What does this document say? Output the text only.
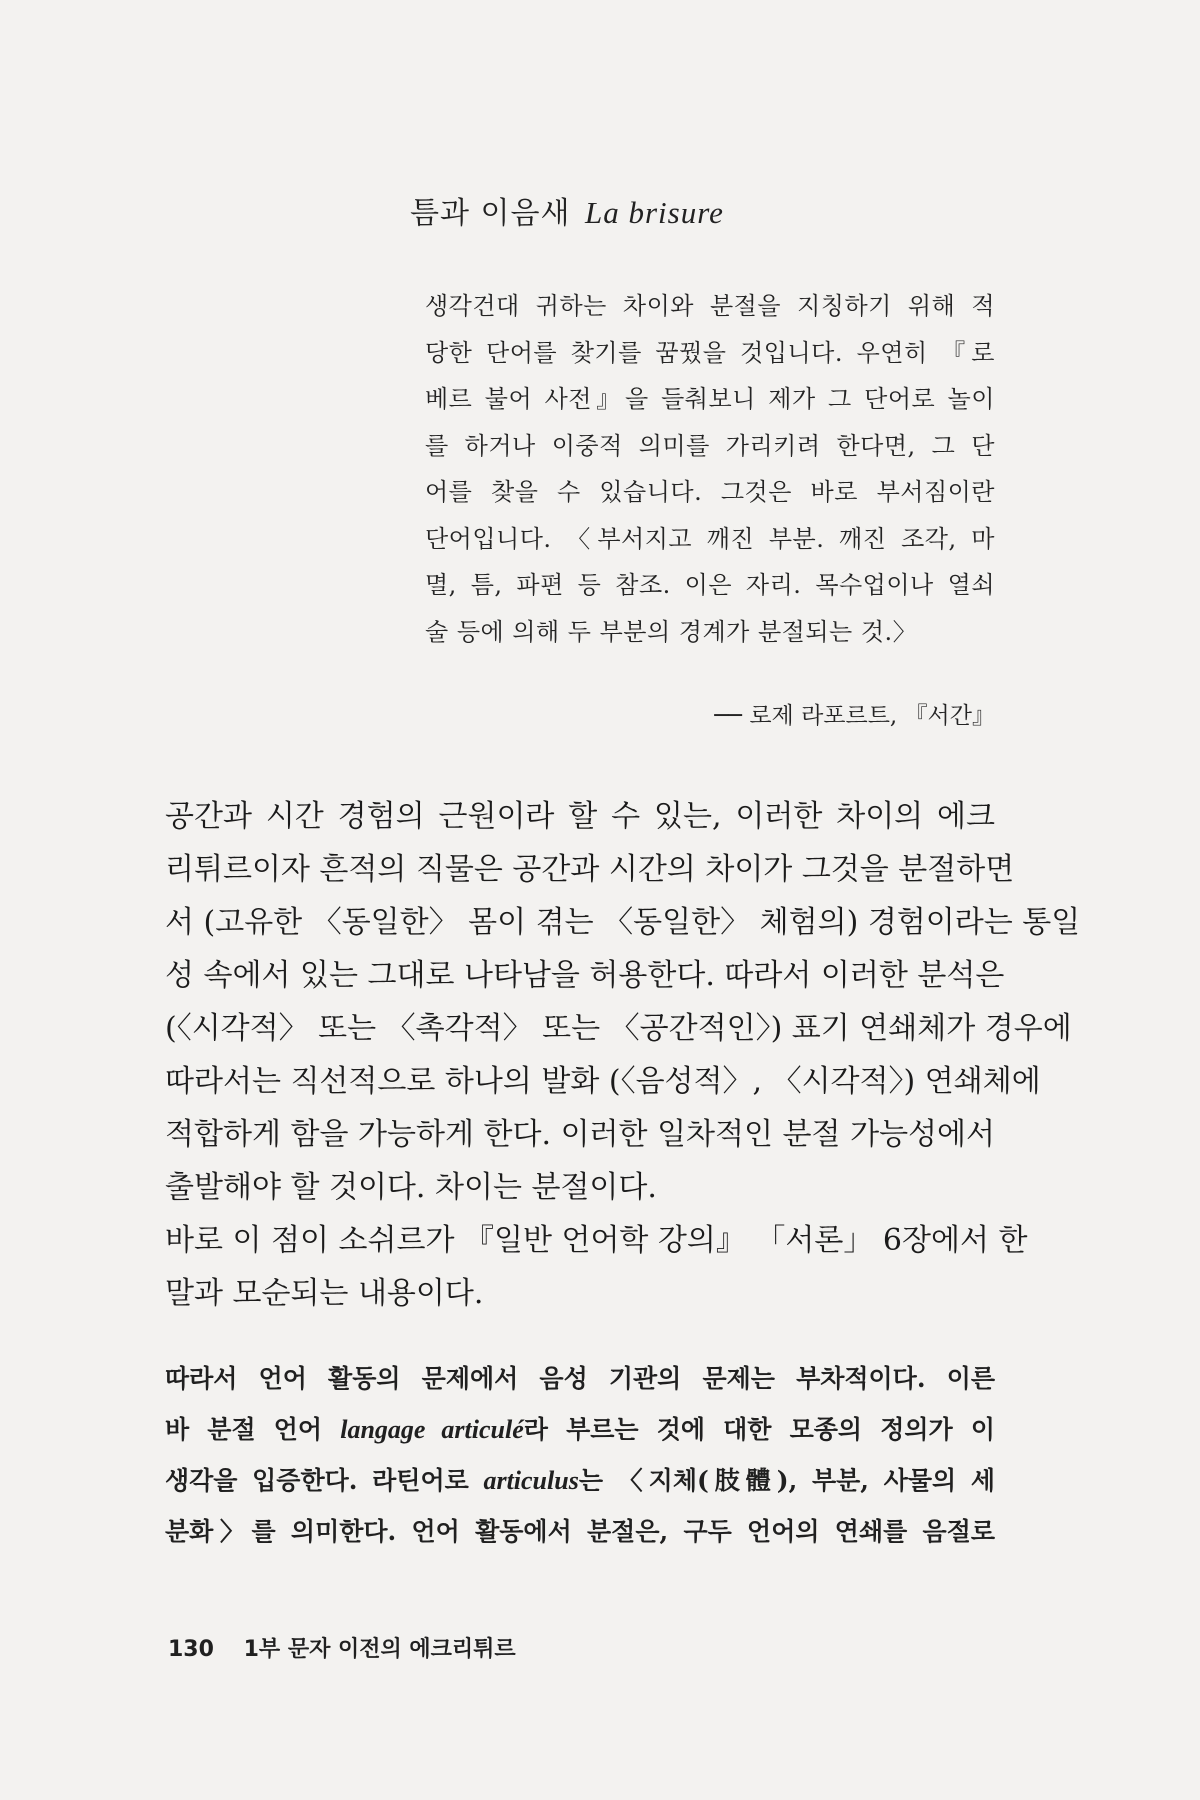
틈과 이음새 La brisure
생각건대 귀하는 차이와 분절을 지칭하기 위해 적
당한 단어를 찾기를 꿈꿨을 것입니다. 우연히 『로
베르 불어 사전』을 들춰보니 제가 그 단어로 놀이
를 하거나 이중적 의미를 가리키려 한다면, 그 단
어를 찾을 수 있습니다. 그것은 바로 부서짐이란
단어입니다. 〈부서지고 깨진 부분. 깨진 조각, 마
멸, 틈, 파편 등 참조. 이은 자리. 목수업이나 열쇠
술 등에 의해 두 부분의 경계가 분절되는 것.〉
── 로제 라포르트, 『서간』
공간과 시간 경험의 근원이라 할 수 있는, 이러한 차이의 에크
리튀르이자 흔적의 직물은 공간과 시간의 차이가 그것을 분절하면
서 (고유한 〈동일한〉 몸이 겪는 〈동일한〉 체험의) 경험이라는 통일
성 속에서 있는 그대로 나타남을 허용한다. 따라서 이러한 분석은
(〈시각적〉 또는 〈촉각적〉 또는 〈공간적인〉) 표기 연쇄체가 경우에
따라서는 직선적으로 하나의 발화 (〈음성적〉, 〈시각적〉) 연쇄체에
적합하게 함을 가능하게 한다. 이러한 일차적인 분절 가능성에서
출발해야 할 것이다. 차이는 분절이다.
바로 이 점이 소쉬르가 『일반 언어학 강의』 「서론」 6장에서 한
말과 모순되는 내용이다.
따라서 언어 활동의 문제에서 음성 기관의 문제는 부차적이다. 이른
바 분절 언어 langage articulé라 부르는 것에 대한 모종의 정의가 이
생각을 입증한다. 라틴어로 articulus는 〈지체(肢體), 부분, 사물의 세
분화〉를 의미한다. 언어 활동에서 분절은, 구두 언어의 연쇄를 음절로
130 1부 문자 이전의 에크리튀르
